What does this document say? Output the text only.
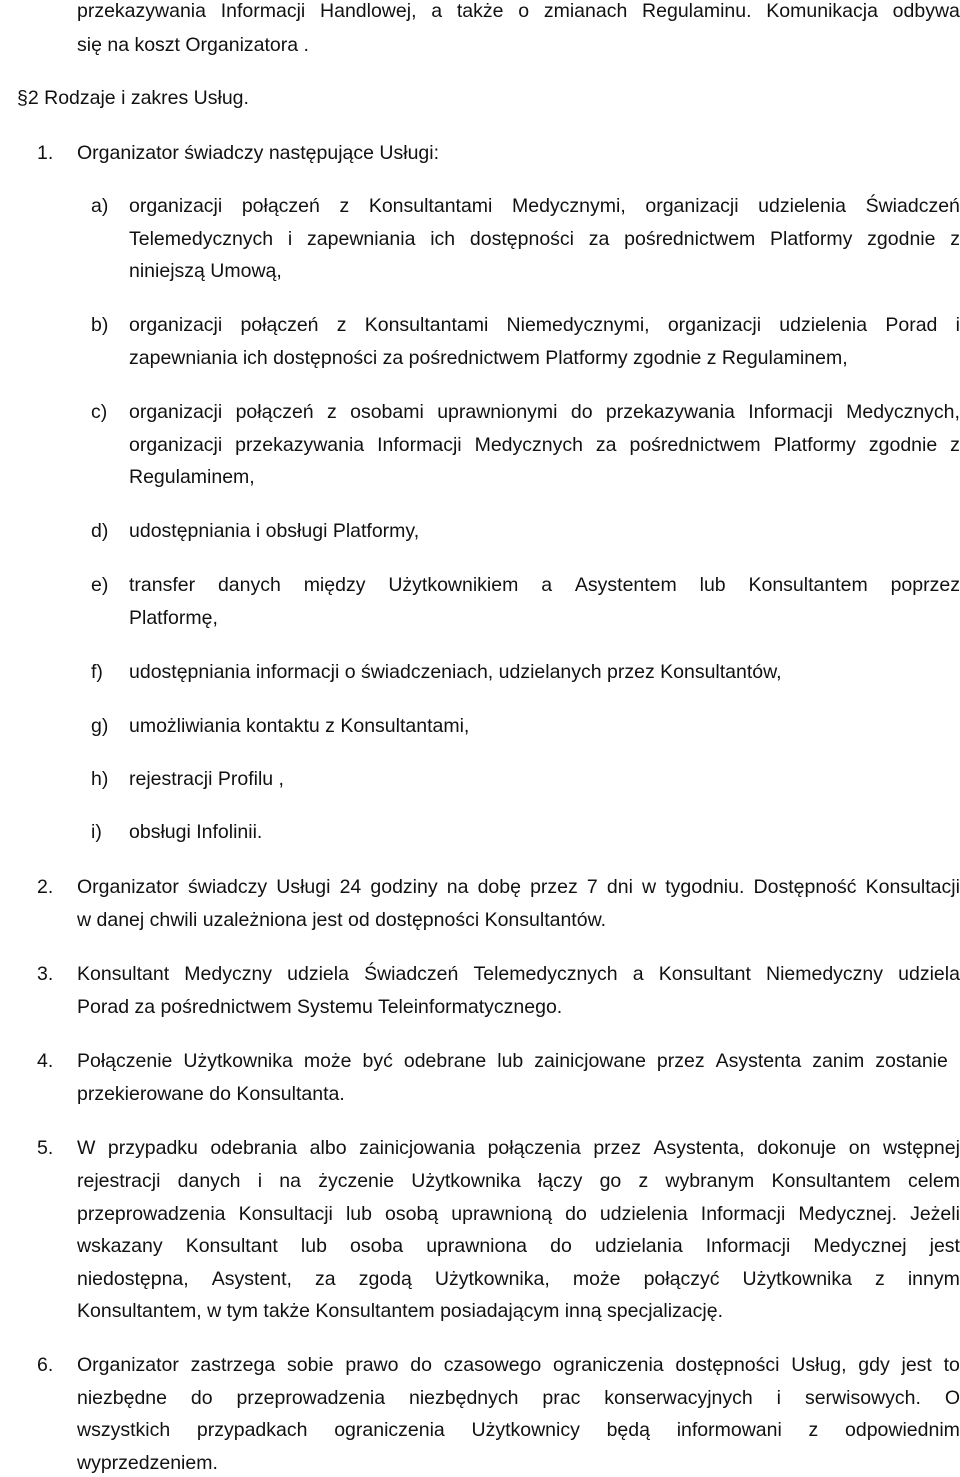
przekazywania Informacji Handlowej, a także o zmianach Regulaminu. Komunikacja odbywa
się na koszt Organizatora .
§2 Rodzaje i zakres Usług.
1. Organizator świadczy następujące Usługi:
a) organizacji połączeń z Konsultantami Medycznymi, organizacji udzielenia Świadczeń
Telemedycznych i zapewniania ich dostępności za pośrednictwem Platformy zgodnie z
niniejszą Umową,
b) organizacji połączeń z Konsultantami Niemedycznymi, organizacji udzielenia Porad i
zapewniania ich dostępności za pośrednictwem Platformy zgodnie z Regulaminem,
c) organizacji połączeń z osobami uprawnionymi do przekazywania Informacji Medycznych,
organizacji przekazywania Informacji Medycznych za pośrednictwem Platformy zgodnie z
Regulaminem,
d) udostępniania i obsługi Platformy,
e) transfer danych między Użytkownikiem a Asystentem lub Konsultantem poprzez
Platformę,
f) udostępniania informacji o świadczeniach, udzielanych przez Konsultantów,
g) umożliwiania kontaktu z Konsultantami,
h) rejestracji Profilu ,
i) obsługi Infolinii.
2. Organizator świadczy Usługi 24 godziny na dobę przez 7 dni w tygodniu. Dostępność Konsultacji
w danej chwili uzależniona jest od dostępności Konsultantów.
3. Konsultant Medyczny udziela Świadczeń Telemedycznych a Konsultant Niemedyczny udziela
Porad za pośrednictwem Systemu Teleinformatycznego.
4. Połączenie Użytkownika może być odebrane lub zainicjowane przez Asystenta zanim zostanie
przekierowane do Konsultanta.
5. W przypadku odebrania albo zainicjowania połączenia przez Asystenta, dokonuje on wstępnej
rejestracji danych i na życzenie Użytkownika łączy go z wybranym Konsultantem celem
przeprowadzenia Konsultacji lub osobą uprawnioną do udzielenia Informacji Medycznej. Jeżeli
wskazany Konsultant lub osoba uprawniona do udzielania Informacji Medycznej jest
niedostępna, Asystent, za zgodą Użytkownika, może połączyć Użytkownika z innym
Konsultantem, w tym także Konsultantem posiadającym inną specjalizację.
6. Organizator zastrzega sobie prawo do czasowego ograniczenia dostępności Usług, gdy jest to
niezbędne do przeprowadzenia niezbędnych prac konserwacyjnych i serwisowych. O
wszystkich przypadkach ograniczenia Użytkownicy będą informowani z odpowiednim
wyprzedzeniem.
